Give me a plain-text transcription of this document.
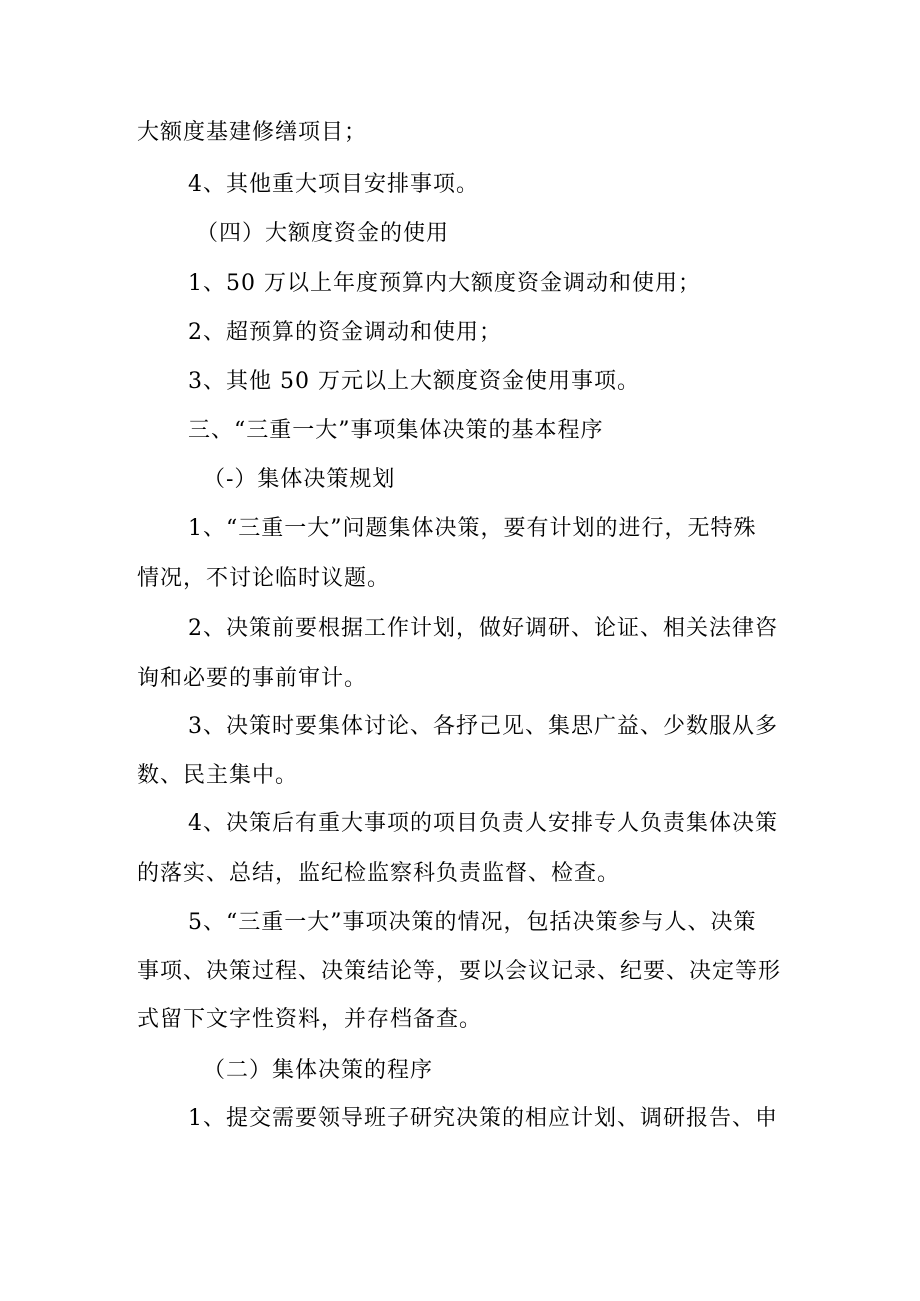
大额度基建修缮项目；
4、其他重大项目安排事项。
（四）大额度资金的使用
1、50 万以上年度预算内大额度资金调动和使用；
2、超预算的资金调动和使用；
3、其他 50 万元以上大额度资金使用事项。
三、“三重一大”事项集体决策的基本程序
（-）集体决策规划
1、“三重一大”问题集体决策，要有计划的进行，无特殊
情况，不讨论临时议题。
2、决策前要根据工作计划，做好调研、论证、相关法律咨
询和必要的事前审计。
3、决策时要集体讨论、各抒己见、集思广益、少数服从多
数、民主集中。
4、决策后有重大事项的项目负责人安排专人负责集体决策
的落实、总结，监纪检监察科负责监督、检查。
5、“三重一大”事项决策的情况，包括决策参与人、决策
事项、决策过程、决策结论等，要以会议记录、纪要、决定等形
式留下文字性资料，并存档备查。
（二）集体决策的程序
1、提交需要领导班子研究决策的相应计划、调研报告、申
